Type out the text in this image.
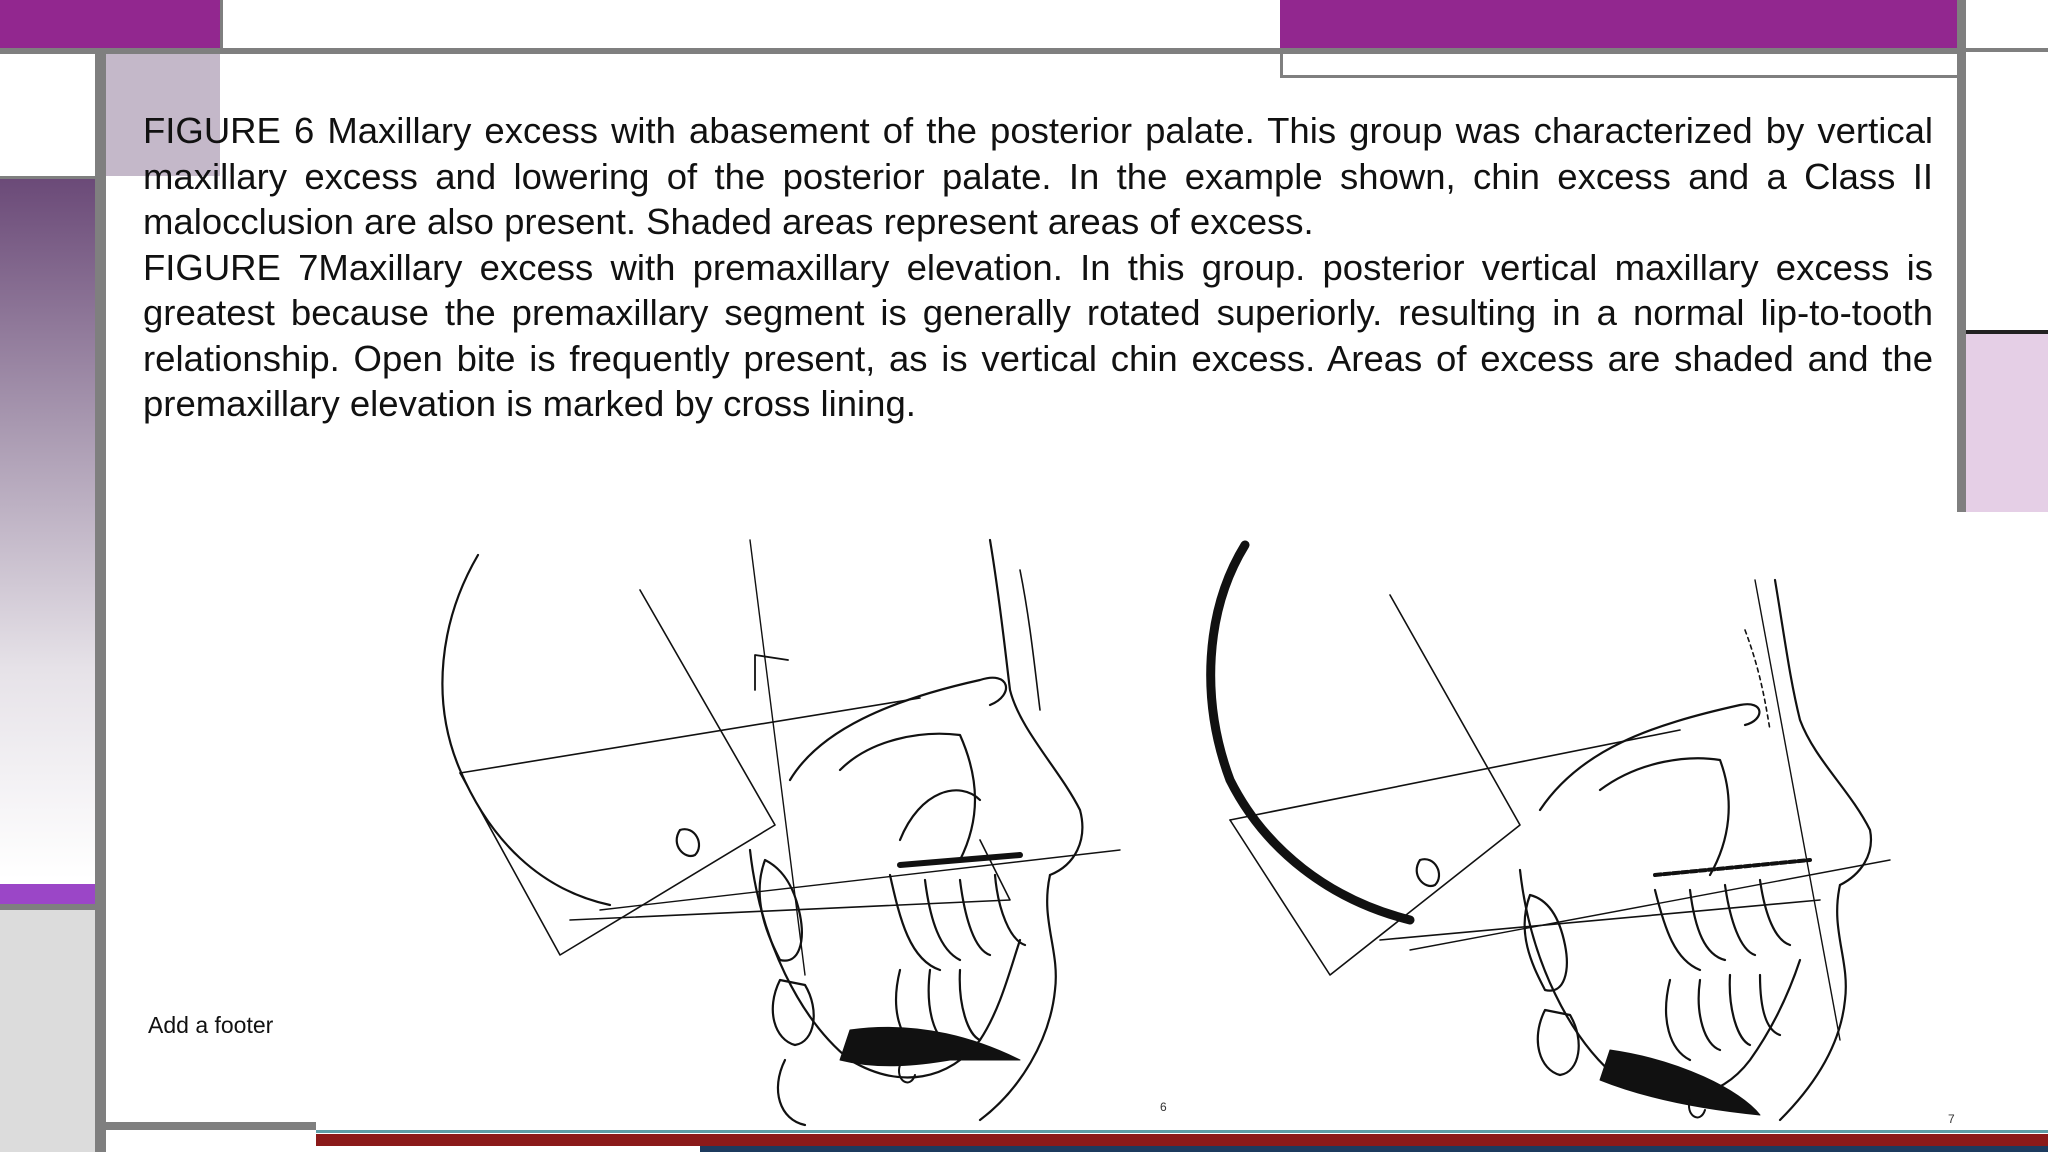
FIGURE 6 Maxillary excess with abasement of the posterior palate. This group was characterized by vertical maxillary excess and lowering of the posterior palate. In the example shown, chin excess and a Class II malocclusion are also present. Shaded areas represent areas of excess.

FIGURE 7Maxillary excess with premaxillary elevation. In this group. posterior vertical maxillary excess is greatest because the premaxillary segment is generally rotated superiorly. resulting in a normal lip-to-tooth relationship. Open bite is frequently present, as is vertical chin excess. Areas of excess are shaded and the premaxillary elevation is marked by cross lining.

6
7
Add a footer
